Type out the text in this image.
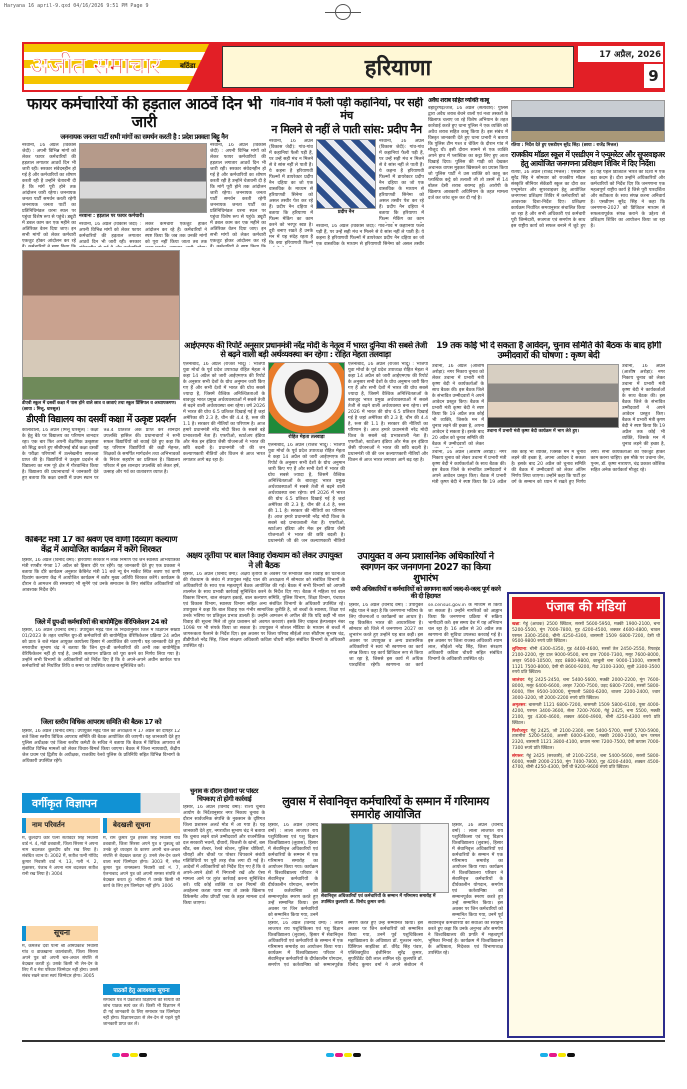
Haryana 16 april-9.qxd 04/16/2026 9:51 PM Page 9
अजीत समाचार	बठिंडा	हरियाणा
17 अप्रैल, 2026
9
फायर कर्मचारियों की हड़ताल आठवें दिन भी जारी
जननायक जनता पार्टी सभी मांगों का समर्थन करती है : प्रदेश प्रवक्ता बिट्टू नैन
नरवाना, 16 अप्रैल (विकास जेदी) : अपनी विभिन्न मांगों को लेकर फायर कर्मचारियों की हड़ताल लगातार आठवें दिन भी जारी रही। सरकार संवेदनहीन हो गई है और कर्मचारियों का शोषण करती रही है उन्होंने चेतावनी दी है कि मांगें पूरी होने तक आंदोलन जारी रहेगा। जननायक जनता पार्टी समर्थन करती रहेगी जननायक जनता पार्टी का प्रतिनिधिमंडल धरना स्थल पर पहुंचा विशेष रूप से पहुंचे। ड्यूटी में डबल काम कर एक महीने का अतिरिक्त वेतन दिया जाए। इन सभी मांगों को लेकर कर्मचारी एकजुट होकर आंदोलन कर रहे
नरवाना : हड़ताल पर फायर कर्मचारी।
नरवाना, 16 अप्रैल (विकास जेदी) : अपनी विभिन्न मांगों को लेकर फायर कर्मचारियों की हड़ताल लगातार आठवें दिन भी जारी रही। सरकार लेकर कर्मचारी एकजुट होकर आंदोलन कर रहे हैं। कर्मचारियों ने स्पष्ट किया कि जब तक उनकी मांगों को पूरा नहीं किया जाता तब तक
नरवाना, 16 अप्रैल (विकास जेदी) : अपनी विभिन्न मांगों को लेकर फायर कर्मचारियों की हड़ताल लगातार आठवें दिन भी जारी रही। सरकार संवेदनहीन हो गई है और कर्मचारियों का शोषण करती रही है उन्होंने चेतावनी दी है कि मांगें पूरी होने तक आंदोलन जारी रहेगा। जननायक जनता पार्टी समर्थन करती रहेगी जननायक जनता पार्टी का प्रतिनिधिमंडल धरना स्थल पर पहुंचा विशेष रूप से पहुंचे। ड्यूटी में डबल काम कर एक महीने का अतिरिक्त वेतन दिया जाए। इन सभी मांगों को लेकर कर्मचारी एकजुट होकर आंदोलन कर रहे
गांव-गांव में फैली पड़ी कहानियां, पर सही मंच
न मिलने से नहीं ले पाती सांस: प्रदीप नैन
नरवाना, 16 अप्रैल (विकास जेदी): गांव-गांव में कहानियां फैली पड़ी हैं, पर उन्हें सही मंच न मिलने से वे सांस नहीं ले पाती हैं। ये कहना है हरियाणवी फिल्मों में डायरेक्टर प्रदीप नैन दहिया का जो एक वास्तविक के माध्यम से हरियाणवी सिनेमा को असल तस्वीर पेश कर रहे हैं। प्रदीप नैन दहिया ने बताया कि हरियाणा में फिल्म मेकिंग का काम करने को भरपूर स्वप्न है। दूरी बनाए रखते हैं उनके मन में यह संदेह रहता है कि क्या हरियाणवी फिल्में
प्रदीप नैन
नरवाना, 16 अप्रैल (विकास जेदी): गांव-गांव में कहानियां फैली पड़ी हैं, पर उन्हें सही मंच न मिलने से वे सांस नहीं ले पाती हैं। ये कहना है हरियाणवी फिल्मों में डायरेक्टर प्रदीप नैन दहिया का जो एक वास्तविक के माध्यम से हरियाणवी सिनेमा को असल तस्वीर पेश कर रहे हैं। प्रदीप नैन दहिया ने बताया कि हरियाणा में फिल्म मेकिंग का काम
नरवाना, 16 अप्रैल (विकास जेदी): गांव-गांव में कहानियां फैली पड़ी हैं, पर उन्हें सही मंच न मिलने से वे सांस नहीं ले पाती हैं। ये कहना है हरियाणवी फिल्मों में डायरेक्टर प्रदीप नैन दहिया का जो एक वास्तविक के माध्यम से हरियाणवी सिनेमा को असल तस्वीर
अवैध शराब सहित व्यक्ति काबू
बहादुरगढ़/जेजे, 16 अप्रैल (सत्यवीर): पुलिस द्वारा अवैध शराब बेचने वालों एवं नशा तस्करों के खिलाफ चलाए जा रहे विशेष अभियान के तहत कार्रवाई करते हुए थाना पुलिस ने एक व्यक्ति को अवैध शराब सहित काबू किया है। इस संबंध में विस्तृत जानकारी देते हुए थाना प्रभारी ने बताया कि पुलिस टीम गश्त व चेकिंग के दौरान गांव में मौजूद थी। इसी दौरान सामने से एक व्यक्ति अपने हाथ में प्लास्टिक का कट्टा लिए हुए आता दिखाई दिया। पुलिस की गाड़ी को देखकर अचानक वापस मुड़कर खिसकने का प्रयास किया जो पुलिस पार्टी ने उस व्यक्ति को काबू कर प्लास्टिक कट्टे को तलाशी ली तो उसमें से 14 बोतल देसी शराब बरामद हुई। आरोपी के खिलाफ आबकारी अधिनियम के तहत मामला दर्ज कर जांच शुरू कर दी गई है।
रतिया : निर्देश देते हुए एसडीएम सुरेंद्र सिंह। (छाया : राजेंद्र मित्तल)
राजकीय मॉडल स्कूल में एसडीएम ने एन्यूमरेटर और सुपरवाइजर हेतु आयोजित जनगणना प्रशिक्षण शिविर में दिए निर्देश।
रतिया, 16 अप्रैल (राजेंद्र मित्तल) : एसडीएम सुरेंद्र सिंह ने सोमवार को राजकीय मॉडल संस्कृति सीनियर सेकेंडरी स्कूल का दौरा कर एन्यूमरेटर और सुपरवाइजर हेतु आयोजित जनगणना प्रशिक्षण शिविर में कर्मचारियों को आवश्यक दिशा-निर्देश दिए। प्रशिक्षण कार्यक्रम निर्धारित समयानुसार संचालित किया जा रहा है और सभी अधिकारी एवं कर्मचारी पूरी जिम्मेदारी, सजगता एवं समर्पण के साथ इस राष्ट्रीय कार्य को सफल बनाने में जुटे हुए हैं। यह पहल डिजिटल भारत की दिशा में एक बड़ा कदम है। दौरा उन्होंने अधिकारियों और कर्मचारियों को निर्देश दिए कि जनगणना एक महत्वपूर्ण राष्ट्रीय कार्य है जिसे पूरी पारदर्शिता और सटीकता के साथ संपन्न करना अनिवार्य है। एसडीएम सुरेंद्र सिंह ने कहा कि जनगणना-2027 को डिजिटल माध्यम से सफलतापूर्वक संपन्न कराने के उद्देश्य से प्रशिक्षण शिविर का आयोजन किया जा रहा है।
डीएवी स्कूल में दसवीं कक्षा में पास होने वाले छात्र व छात्राएं तथा स्कूल प्रिंसिपल व अध्यापकगण। (छाया : मित्तू, धारसूल)
डीएवी विद्यालय का दसवीं कक्षा में उत्कृष्ट प्रदर्शन
कालांवाली, 16 अप्रैल (मित्तू धारसूल) : कक्षा के हेतु बैठे पर विद्यालय का परिणाम शानदार रहा। एक बार फिर अपनी शैक्षणिक उत्कृष्टता को सिद्ध करते हुए सीबीएसई बोर्ड कक्षा दसवीं के परीक्षा परिणामों में उल्लेखनीय सफलता प्राप्त की है। विद्यार्थियों ने उत्कृष्ट प्रदर्शन से विद्यालय का नाम पूरे क्षेत्र में गौरवान्वित किया है। विद्यालय की प्रधानाचार्या ने जानकारी देते हुए बताया कि कक्षा दसवीं में प्रथम स्थान पर 98.4 प्रतिशत अंक प्राप्त कर शानदार उपलब्धि हासिल की। प्रधानाचार्या ने सभी सफल विद्यार्थियों को बधाई देते हुए कहा कि यह परिणाम विद्यार्थियों की कड़ी मेहनत, शिक्षकों के समर्पित मार्गदर्शन तथा अभिभावकों के निरंतर सहयोग का प्रतिफल है। विद्यालय परिवार में इस शानदार उपलब्धि को लेकर हर्ष, उत्साह और गर्व का वातावरण व्याप्त है।
कैबिनेट मंत्री 17 को श्रवण एवं वाणी दिव्यांग कल्याण केंद्र में आयोजित कार्यक्रम में करेंगे शिरकत
हिसार, 16 अप्रैल (विनोद वर्मा): हरियाणा सरकार में लोक निर्माण एवं जन स्वास्थ्य अभियांत्रिकी मंत्री रणबीर गंगवा 17 अप्रैल को हिसार दौरे पर रहेंगे। यह जानकारी देते हुए एक प्रवक्ता ने बताया कि दौरे कार्यक्रम अनुसार कैबिनेट मंत्री 11 बजे न्यू ग्रेन मार्केट स्थित श्रवण एवं वाणी दिव्यांग कल्याण केंद्र में आयोजित कार्यक्रम में बतौर मुख्य अतिथि शिरकत करेंगे। कार्यक्रम के दौरान वे आमजन की समस्याएं भी सुनेंगे एवं उनके समाधान के लिए संबंधित अधिकारियों को आवश्यक निर्देश देंगे।
जिले में ग्रुप-डी कर्मचारियों की बायोमैट्रिक वेरिफिकेशन 24 को
हिसार, 16 अप्रैल (विनोद वर्मा): उपायुक्त महेंद्र पाल के निर्देशानुसार जिले में विज्ञापन संख्या 01/2023 के तहत चयनित ग्रुप-डी कर्मचारियों की बायोमैट्रिक वेरिफिकेशन प्रक्रिया 24 अप्रैल को प्रातः 9 बजे मंडल आयुक्त कार्यालय हिसार में आयोजित की जाएगी। यह जानकारी देते हुए नगराधीश सुभाष चंद्र ने बताया कि जिन ग्रुप-डी कर्मचारियों की अभी तक बायोमैट्रिक वेरिफिकेशन नहीं हो पाई है, उनकी सत्यापन प्रक्रिया को पूरा करने का निर्णय लिया गया है। उन्होंने सभी विभागों के अधिकारियों को निर्देश दिए हैं कि वे अपने-अपने अधीन कार्यरत पात्र कर्मचारियों को निर्धारित तिथि व समय पर उपस्थित करवाना सुनिश्चित करें।
जिला स्तरीय विधिक आपराध समिति की बैठक 17 को
हिसार, 16 अप्रैल (विनोद वर्मा): उपायुक्त महेंद्र पाल की अध्यक्षता में 17 अप्रैल को दोपहर 12 बजे जिला स्तरीय विधिक आपराध समिति की बैठक आयोजित की जाएगी। यह जानकारी देते हुए पुलिस अधीक्षक एवं जिला स्तरीय कमेटी के सचिव ने बताया कि बैठक में विधिक आपराध से संबंधित विभिन्न मामलों को लेकर विचार-विमर्श किया जाएगा। बैठक में जिला न्यायवादी, केंद्रीय जेल प्रथम एवं द्वितीय के अधीक्षक, राजकीय रेलवे पुलिस के प्रतिनिधि सहित विभिन्न विभागों के अधिकारी उपस्थित रहेंगे।
वर्गीकृत विज्ञापन
नाम परिवर्तन	बेदखली सूचना
मैं, कुलदीप कौर पत्नी सतविंदर सिंह निवासी वार्ड नं. 4, मंडी डबवाली, जिला सिरसा ने अपना नाम बदलकर कुलदीप कौर रख लिया है। संबंधित ध्यान दें। 3002 मैं, सतीश पत्नी गोविंद कुमार निवासी वार्ड नं. 13, गली नं. 2, मुक्तसर, पंजाब ने अपना नाम बदलकर सतीश रानी रख लिया है। 3004
सूचना
मैं, कमलेश देवी पत्नी श्री ओमप्रकाश निवासी गांव व डाकखाना कालांवाली, जिला सिरसा अपने पुत्र को अपनी चल-अचल संपत्ति से बेदखल करती हूं। उसके किसी भी लेन-देन के लिए मैं व मेरा परिवार जिम्मेदार नहीं होगा। उससे संबंध रखने वाला स्वयं जिम्मेदार होगा। 3005
मैं, राम कुमार पुत्र हरबंस सिंह निवासी गांव डबवाली, जिला सिरसा अपने पुत्र व पुत्रवधू को उनके बुरे व्यवहार के कारण अपनी चल-अचल संपत्ति से बेदखल करता हूं। उनसे लेन-देन करने वाला स्वयं जिम्मेदार होगा। 3003 मैं, रमेश कुमार पुत्र रामस्वरूप निवासी वार्ड नं. 7, ऐलनाबाद अपने पुत्र को अपनी समस्त संपत्ति से बेदखल करता हूं। भविष्य में उसके किसी भी कार्य के लिए हम जिम्मेदार नहीं होंगे। 3006
पाठकों हेतु आवश्यक सूचना
समाचार पत्र में प्रकाशित विज्ञापनों की सत्यता की जांच पाठक स्वयं कर लें। किसी भी विज्ञापन में दी गई जानकारी के लिए समाचार पत्र जिम्मेदार नहीं होगा। विज्ञापनदाता से लेन-देन से पहले पूरी जानकारी प्राप्त कर लें।
आईएमएफ की रिपोर्ट अनुसार प्रधानमंत्री नरेंद्र मोदी के नेतृत्व में भारत दुनिया की सबसे तेजी से बढ़ने वाली बड़ी अर्थव्यवस्था बन रहेगा : रोहित मेहता तलवाड़ा
ऐलनाबाद, 16 अप्रैल (राजेश भादू) : भाजपा युवा मोर्चा के पूर्व प्रदेश उपाध्यक्ष रोहित मेहता ने कहा 14 अप्रैल को जारी आईएमएफ की रिपोर्ट के अनुसार सभी देशों के ग्रोथ अनुमान जारी किए गए हैं और सभी देशों में भारत की ग्रोथ सबसे ज्यादा है, जिसमें वैश्विक अनिश्चितताओं के बावजूद भारत प्रमुख अर्थव्यवस्थाओं में सबसे तेजी से बढ़ने वाली अर्थव्यवस्था बना रहेगा। वर्ष 2026 में भारत की ग्रोथ 6.5 प्रतिशत दिखाई गई है जहां अमेरिका की 2.3 है, चीन की 4.4 है, रूस की 1.1 है। सरकार की नीतियों का परिणाम है। आज हमारे प्रधानमंत्री नरेंद्र मोदी विश्व के सबसे बड़े प्रभावशाली नेता हैं। एफपीओ, स्टार्टअप इंडिया और मेक इन इंडिया जैसी योजनाओं ने भारत की छवि बदली है। प्रधानमंत्री जी की जन कल्याणकारी नीतियों और विजन से आज भारत लगातार आगे बढ़ रहा है।
रोहित मेहता तलवाड़ा
ऐलनाबाद, 16 अप्रैल (राजेश भादू) : भाजपा युवा मोर्चा के पूर्व प्रदेश उपाध्यक्ष रोहित मेहता ने कहा 14 अप्रैल को जारी आईएमएफ की रिपोर्ट के अनुसार सभी देशों के ग्रोथ अनुमान जारी किए गए हैं और सभी देशों में भारत की ग्रोथ सबसे ज्यादा है, जिसमें वैश्विक अनिश्चितताओं के बावजूद भारत प्रमुख अर्थव्यवस्थाओं में सबसे तेजी से बढ़ने वाली अर्थव्यवस्था बना रहेगा। वर्ष 2026 में भारत की ग्रोथ 6.5 प्रतिशत दिखाई गई है जहां अमेरिका की 2.3 है, चीन की 4.4 है, रूस की 1.1 है। सरकार की नीतियों का परिणाम है। आज हमारे प्रधानमंत्री नरेंद्र मोदी विश्व के सबसे बड़े प्रभावशाली नेता हैं। एफपीओ, स्टार्टअप इंडिया और मेक इन इंडिया जैसी योजनाओं ने भारत की छवि बदली है। प्रधानमंत्री जी की जन कल्याणकारी नीतियों
ऐलनाबाद, 16 अप्रैल (राजेश भादू) : भाजपा युवा मोर्चा के पूर्व प्रदेश उपाध्यक्ष रोहित मेहता ने कहा 14 अप्रैल को जारी आईएमएफ की रिपोर्ट के अनुसार सभी देशों के ग्रोथ अनुमान जारी किए गए हैं और सभी देशों में भारत की ग्रोथ सबसे ज्यादा है, जिसमें वैश्विक अनिश्चितताओं के बावजूद भारत प्रमुख अर्थव्यवस्थाओं में सबसे तेजी से बढ़ने वाली अर्थव्यवस्था बना रहेगा। वर्ष 2026 में भारत की ग्रोथ 6.5 प्रतिशत दिखाई गई है जहां अमेरिका की 2.3 है, चीन की 4.4 है, रूस की 1.1 है। सरकार की नीतियों का परिणाम है। आज हमारे प्रधानमंत्री नरेंद्र मोदी विश्व के सबसे बड़े प्रभावशाली नेता हैं। एफपीओ, स्टार्टअप इंडिया और मेक इन इंडिया जैसी योजनाओं ने भारत की छवि बदली है। प्रधानमंत्री जी की जन कल्याणकारी नीतियों और विजन से आज भारत लगातार आगे बढ़ रहा है।
19 तक कोई भी दे सकता है आवेदन, चुनाव समिति की बैठक के बाद होगी उम्मीदवारों की घोषणा : कृष्ण बेदी
उचाना, 16 अप्रैल (आशीष अरोड़ा): नगर निकाय चुनाव को लेकर उचाना में प्रभारी मंत्री कृष्ण बेदी ने कार्यकर्ताओं के साथ बैठक की। इस बैठक जिले के संभावित उम्मीदवारों ने अपने आवेदन प्रस्तुत किए। बैठक में प्रभारी मंत्री कृष्ण बेदी ने स्पष्ट किया कि 19 अप्रैल तक कोई भी व्यक्ति, जिसके मन में चुनाव लड़ने की इच्छा है, अपना आवेदन दे सकता है। इसके बाद 20 अप्रैल को चुनाव समिति की बैठक में उम्मीदवारों को लेकर
उचाना में प्रभारी मंत्री कृष्ण बेदी कार्यक्रम में भाग लेते हुए।
उचाना, 16 अप्रैल (आशीष अरोड़ा): नगर निकाय चुनाव को लेकर उचाना में प्रभारी मंत्री कृष्ण बेदी ने कार्यकर्ताओं के साथ बैठक की। इस बैठक जिले के संभावित उम्मीदवारों ने अपने आवेदन प्रस्तुत किए। बैठक में प्रभारी मंत्री कृष्ण बेदी ने स्पष्ट किया कि 19 अप्रैल तक कोई भी व्यक्ति, जिसके मन में चुनाव लड़ने की इच्छा है,
उचाना, 16 अप्रैल (आशीष अरोड़ा): नगर निकाय चुनाव को लेकर उचाना में प्रभारी मंत्री कृष्ण बेदी ने कार्यकर्ताओं के साथ बैठक की। इस बैठक जिले के संभावित उम्मीदवारों ने अपने आवेदन प्रस्तुत किए। बैठक में प्रभारी मंत्री कृष्ण बेदी ने स्पष्ट किया कि 19 अप्रैल तक कोई भी व्यक्ति, जिसके मन में चुनाव लड़ने की इच्छा है, अपना आवेदन दे सकता है। इसके बाद 20 अप्रैल को चुनाव समिति की बैठक में उम्मीदवारों को लेकर अंतिम निर्णय लिया जाएगा। उन्होंने कहा कि पार्टी हर वर्ग के सम्मान को ध्यान में रखते हुए निर्णय लेगी। सभी कार्यकर्ताओं को एकजुट होकर काम करना चाहिए। इस मौके पर उचाना जैन, पूनम, डॉ. कृष्ण नारायण, चंद्र प्रकाश कौशिक सहित अनेक कार्यकर्ता मौजूद रहे।
अक्षय तृतीया पर बाल विवाह रोकथाम को लेकर उपायुक्त ने ली बैठक
हिसार, 16 अप्रैल (विनोद वर्मा): अक्षय तृतीया के अवसर पर संभावित बाल विवाह की घटनाओं की रोकथाम के संबंध में उपायुक्त महेंद्र पाल की अध्यक्षता में सोमवार को संबंधित विभागों के अधिकारियों के साथ एक महत्वपूर्ण बैठक आयोजित की गई। बैठक में सभी विभागों को आपसी तालमेल के साथ प्रभावी कार्रवाई सुनिश्चित करने के निर्देश दिए गए। बैठक में महिला एवं बाल विकास विभाग, बाल संरक्षण इकाई, बाल कल्याण समिति, पुलिस विभाग, शिक्षा विभाग, पंचायत एवं विकास विभाग, स्वास्थ्य विभाग सहित अन्य संबंधित विभागों के अधिकारी उपस्थित रहे। उपायुक्त ने कहा कि बाल विवाह एक गंभीर सामाजिक कुरीति है, जो बच्चों के स्वास्थ्य, शिक्षा एवं उनके भविष्य पर प्रतिकूल प्रभाव डालती है। उन्होंने आमजन से अपील की कि यदि कहीं भी बाल विवाह की सूचना मिले तो तुरंत प्रशासन को अवगत करवाएं। इसके लिए चाइल्ड हेल्पलाइन नंबर 1098 पर भी संपर्क किया जा सकता है। उपायुक्त ने सोशल मीडिया के माध्यम से बच्चों में जागरूकता फैलाने के निर्देश दिए। इस अवसर पर जिला परिषद सीईओ तथा सीटीएम सुभाष चंद्र, डीडीपीओ नरेंद्र सिंह, जिला संरक्षण अधिकारी कविता चौधरी सहित संबंधित विभागों के अधिकारी उपस्थित रहे।
उपायुक्त व अन्य प्रशासनिक अधिकारियों ने स्वगणन कर जनगणना 2027 का किया शुभारंभ
सभी अधिकारियों व कर्मचारियों को स्वगणना कार्य जल्द-से-जल्द पूर्ण करने की दी हिदायत
हिसार, 16 अप्रैल (विनोद वर्मा) : उपायुक्त महेंद्र पाल ने कहा है कि जनगणना भविष्य के लिए योजनाओं व कार्यक्रमों का आधार है। यह विकसित भारत की आधारशिला है। सोमवार को जिले में जनगणना 2027 का शुभारंभ करते हुए उन्होंने यह बात कही। इस अवसर पर उपायुक्त व अन्य प्रशासनिक अधिकारियों ने स्वयं भी स्वगणना का कार्य संपन्न किया। यह कार्य डिजिटल रूप से किया जा रहा है, जिससे इस कार्य में अधिक पारदर्शिता रहेगी। स्वगणना का कार्य se.census.gov.in के माध्यम से किया जा सकता है। उन्होंने नागरिकों को आह्वान किया कि जनगणना प्रक्रिया में सक्रिय भागीदारी करें। इस समय देश में यह अभियान चल रहा है। 16 अप्रैल से 30 अप्रैल तक स्वगणना की सुविधा उपलब्ध करवाई गई है। इस अवसर पर जिला राजस्व अधिकारी श्याम लाल, सीईओ नरेंद्र सिंह, जिला संरक्षण अधिकारी कविता चौधरी सहित संबंधित विभागों के अधिकारी उपस्थित रहे।
चुनाव के दौरान दीवारों पर पोस्टर चिपकाए तो होगी कार्रवाई
हिसार, 16 अप्रैल (विनोद वर्मा): राज्य चुनाव आयोग के निर्देशानुसार नगर निकाय चुनाव के दौरान सार्वजनिक संपत्ति के नुकसान के दृष्टिगत जिला प्रशासन अलर्ट मोड में आ गया है। यह जानकारी देते हुए, नगराधीश सुभाष चंद्र ने बताया कि चुनाव लड़ने वाले उम्मीदवारों और राजनीतिक दल सरकारी भवनों, दीवारों, बिजली के खंभों, बस स्टैंड, बस शेल्टर, रेलवे स्टेशन, पुलिस चौकियों, चौराहों और चौकों पर पोस्टर चिपकाने संबंधी गतिविधियों पर पूरी तरह रोक लगा दी गई है। आदेशों में अधिकारियों को निर्देश दिए गए हैं कि वे अपने-अपने क्षेत्रों में निगरानी रखें और ऐसा मामला आने पर तुरंत कार्रवाई करना सुनिश्चित करें। यदि कोई व्यक्ति या दल नियमों की अवहेलना करता पाया गया तो उसके खिलाफ डिफेसमेंट ऑफ प्रॉपर्टी एक्ट के तहत मामला दर्ज किया जाएगा।
लुवास में सेवानिवृत्त कर्मचारियों के सम्मान में गरिमामय समारोह आयोजित
हिसार, 16 अप्रैल (विनोद वर्मा) : लाला लाजपत राय पशुचिकित्सा एवं पशु विज्ञान विश्वविद्यालय (लुवास), हिसार में सेवानिवृत्त अधिकारियों एवं कर्मचारियों के सम्मान में एक गरिमामय समारोह का आयोजन किया गया। कार्यक्रम में विश्वविद्यालय परिवार ने सेवानिवृत्त कर्मचारियों के दीर्घकालीन योगदान, समर्पण एवं कर्तव्यनिष्ठा को सम्मानपूर्वक स्मरण करते हुए उन्हें सम्मानित किया। इस अवसर पर जिन कर्मचारियों को सम्मानित किया गया, उनमें
सेवानिवृत्त अधिकारियों एवं कर्मचारियों के सम्मान में गरिमामय समारोह में उपस्थित कुलपति डॉ. विनोद कुमार वर्मा।
हिसार, 16 अप्रैल (विनोद वर्मा) : लाला लाजपत राय पशुचिकित्सा एवं पशु विज्ञान विश्वविद्यालय (लुवास), हिसार में सेवानिवृत्त अधिकारियों एवं कर्मचारियों के सम्मान में एक गरिमामय समारोह का आयोजन किया गया। कार्यक्रम में विश्वविद्यालय परिवार ने सेवानिवृत्त कर्मचारियों के दीर्घकालीन योगदान, समर्पण एवं कर्तव्यनिष्ठा को सम्मानपूर्वक स्मरण करते हुए उन्हें सम्मानित किया। इस अवसर पर जिन कर्मचारियों को सम्मानित किया गया, उनमें पूर्व
हिसार, 16 अप्रैल (विनोद वर्मा) : लाला लाजपत राय पशुचिकित्सा एवं पशु विज्ञान विश्वविद्यालय (लुवास), हिसार में सेवानिवृत्त अधिकारियों एवं कर्मचारियों के सम्मान में एक गरिमामय समारोह का आयोजन किया गया। कार्यक्रम में विश्वविद्यालय परिवार ने सेवानिवृत्त कर्मचारियों के दीर्घकालीन योगदान, समर्पण एवं कर्तव्यनिष्ठा को सम्मानपूर्वक स्मरण करते हुए उन्हें सम्मानित किया। इस अवसर पर जिन कर्मचारियों को सम्मानित किया गया, उनमें पूर्व पशुचिकित्सा महाविद्यालय के अधिष्ठाता डॉ. गुलशन नारंग, प्रिंसिपल साइंटिस्ट डॉ. वीरेंद्र सिंह पंवार, एक्जिक्यूटिव इंजीनियर सुरेंद्र कुमार, सुपरिंटेंडेंट देवी लाल शामिल रहे। कुलपति डॉ. विनोद कुमार वर्मा ने अपने संबोधन में सेवानिवृत्त कर्मचारियों की सेवाओं की सराहना करते हुए कहा कि उनके अनुभव और समर्पण ने विश्वविद्यालय की प्रगति में महत्वपूर्ण भूमिका निभाई है। कार्यक्रम में विश्वविद्यालय के अधिष्ठाता, निदेशक एवं विभागाध्यक्ष उपस्थित रहे।
पंजाब की मंडियां

खन्ना: गेहूं (आवक) 2500 क्विंटल, सरसों 5600-5950, मक्की 1900-2100, चना 5200-5500, मूंग 7000-7800, गुड़ 4200-4500, शक्कर 4600-4800, चावल परमल 3300-3500, चीनी 4250-4300, बासमती 1509 6800-7200, देसी घी 9500-9800 रुपये प्रति क्विंटल।

लुधियाना: चीनी 4300-4350, गुड़ 4400-4600, सरसों तेल 2450-2550, रिफाइंड 2100-2200, मूंग दाल 9000-9500, चना दाल 7000-7300, मसूर 7600-8000, अरहर 9500-10500, उड़द 8800-9800, काबुली चना 9000-11000, बासमती 1121 7500-8000, देसी घी 8600-9200, मैदा 3100-3300, सूजी 3300-3500 रुपये प्रति क्विंटल।

जालंधर: गेहूं 2425-2450, चना 5400-5600, मक्की 2000-2200, मूंग 7600-8000, मसूर 6400-6600, अरहर 7200-7500, उड़द 6800-7200, सरसों 5800-6000, तिल 9500-10000, मूंगफली 5800-6200, बाजरा 2200-2400, ज्वार 3000-3200, जौ 2000-2200 रुपये प्रति क्विंटल।

अमृतसर: बासमती 1121 6800-7200, बासमती 1509 5800-6100, पूसा 4000-4200, परमल 3400-3600, सेला 7200-7600, गेहूं 2425, चना 5500, मक्की 2100, गुड़ 4300-4600, शक्कर 4600-4900, चीनी 4250-4300 रुपये प्रति क्विंटल।

फिरोजपुर: गेहूं 2425, जौ 2100-2300, चना 5400-5700, सरसों 5700-5900, तारामीरा 5200-5400, अलसी 6000-6300, मक्की 2000-2100, धान परमल 2320, बासमती 1121 3800-4100, कपास नरमा 7200-7500, देसी कपास 7000-7300 रुपये प्रति क्विंटल।

संगरूर: गेहूं 2425 (सरकारी), जौ 2100-2250, चना 5400-5600, सरसों 5800-6000, मक्की 2000-2150, मूंग 7400-7800, गुड़ 4200-4400, शक्कर 4500-4700, चीनी 4250-4300, देसी घी 9200-9600 रुपये प्रति क्विंटल।
